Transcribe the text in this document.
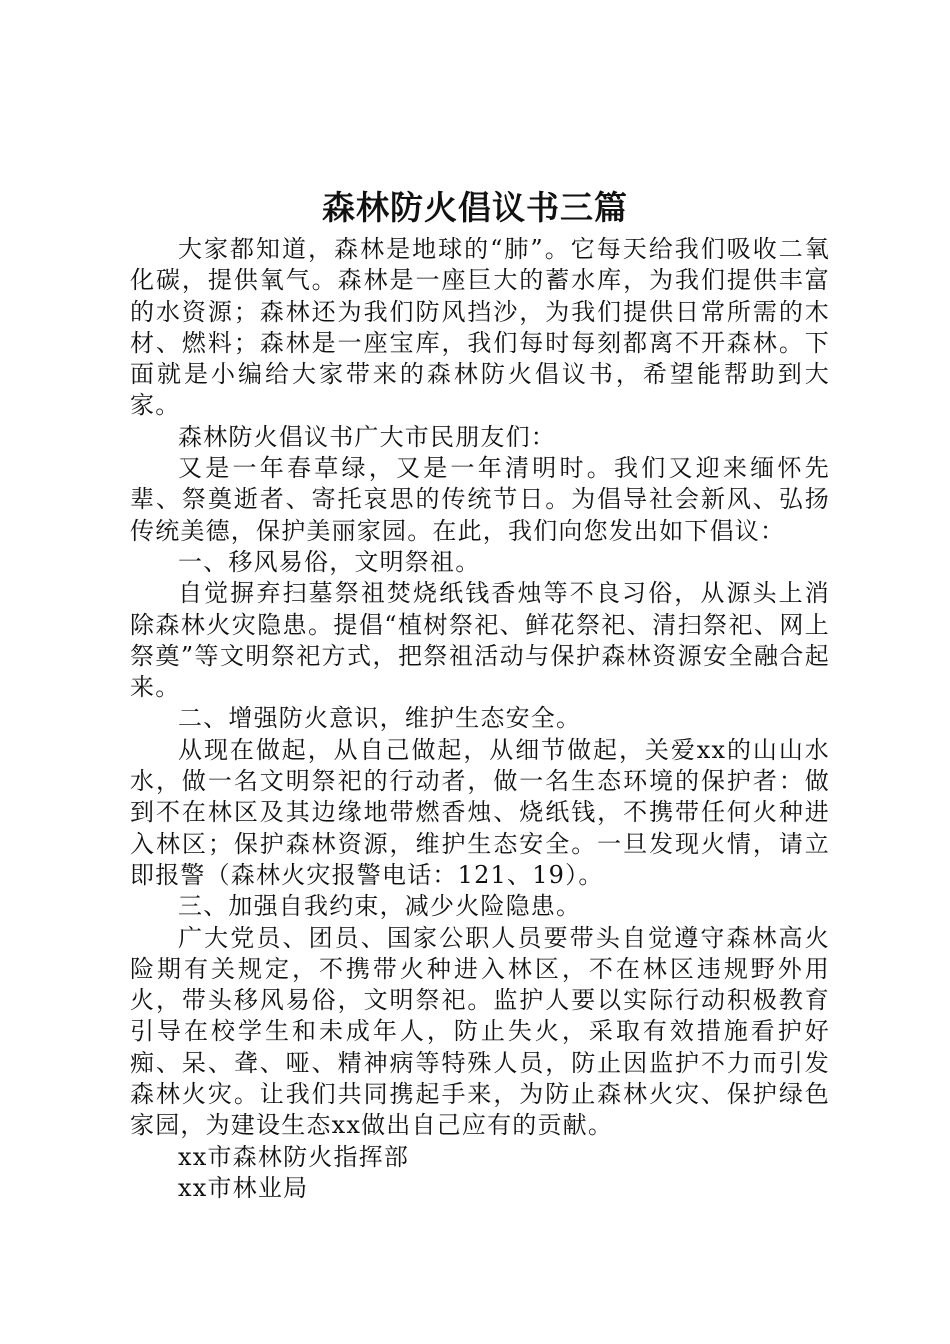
森林防火倡议书三篇

大家都知道，森林是地球的“肺”。它每天给我们吸收二氧化碳，提供氧气。森林是一座巨大的蓄水库，为我们提供丰富的水资源；森林还为我们防风挡沙，为我们提供日常所需的木材、燃料；森林是一座宝库，我们每时每刻都离不开森林。下面就是小编给大家带来的森林防火倡议书，希望能帮助到大家。

森林防火倡议书广大市民朋友们：

又是一年春草绿，又是一年清明时。我们又迎来缅怀先辈、祭奠逝者、寄托哀思的传统节日。为倡导社会新风、弘扬传统美德，保护美丽家园。在此，我们向您发出如下倡议：

一、移风易俗，文明祭祖。

自觉摒弃扫墓祭祖焚烧纸钱香烛等不良习俗，从源头上消除森林火灾隐患。提倡“植树祭祀、鲜花祭祀、清扫祭祀、网上祭奠”等文明祭祀方式，把祭祖活动与保护森林资源安全融合起来。

二、增强防火意识，维护生态安全。

从现在做起，从自己做起，从细节做起，关爱xx的山山水水，做一名文明祭祀的行动者，做一名生态环境的保护者：做到不在林区及其边缘地带燃香烛、烧纸钱，不携带任何火种进入林区；保护森林资源，维护生态安全。一旦发现火情，请立即报警（森林火灾报警电话：121、19）。

三、加强自我约束，减少火险隐患。

广大党员、团员、国家公职人员要带头自觉遵守森林高火险期有关规定，不携带火种进入林区，不在林区违规野外用火，带头移风易俗，文明祭祀。监护人要以实际行动积极教育引导在校学生和未成年人，防止失火，采取有效措施看护好痴、呆、聋、哑、精神病等特殊人员，防止因监护不力而引发森林火灾。让我们共同携起手来，为防止森林火灾、保护绿色家园，为建设生态xx做出自己应有的贡献。

xx市森林防火指挥部

xx市林业局
